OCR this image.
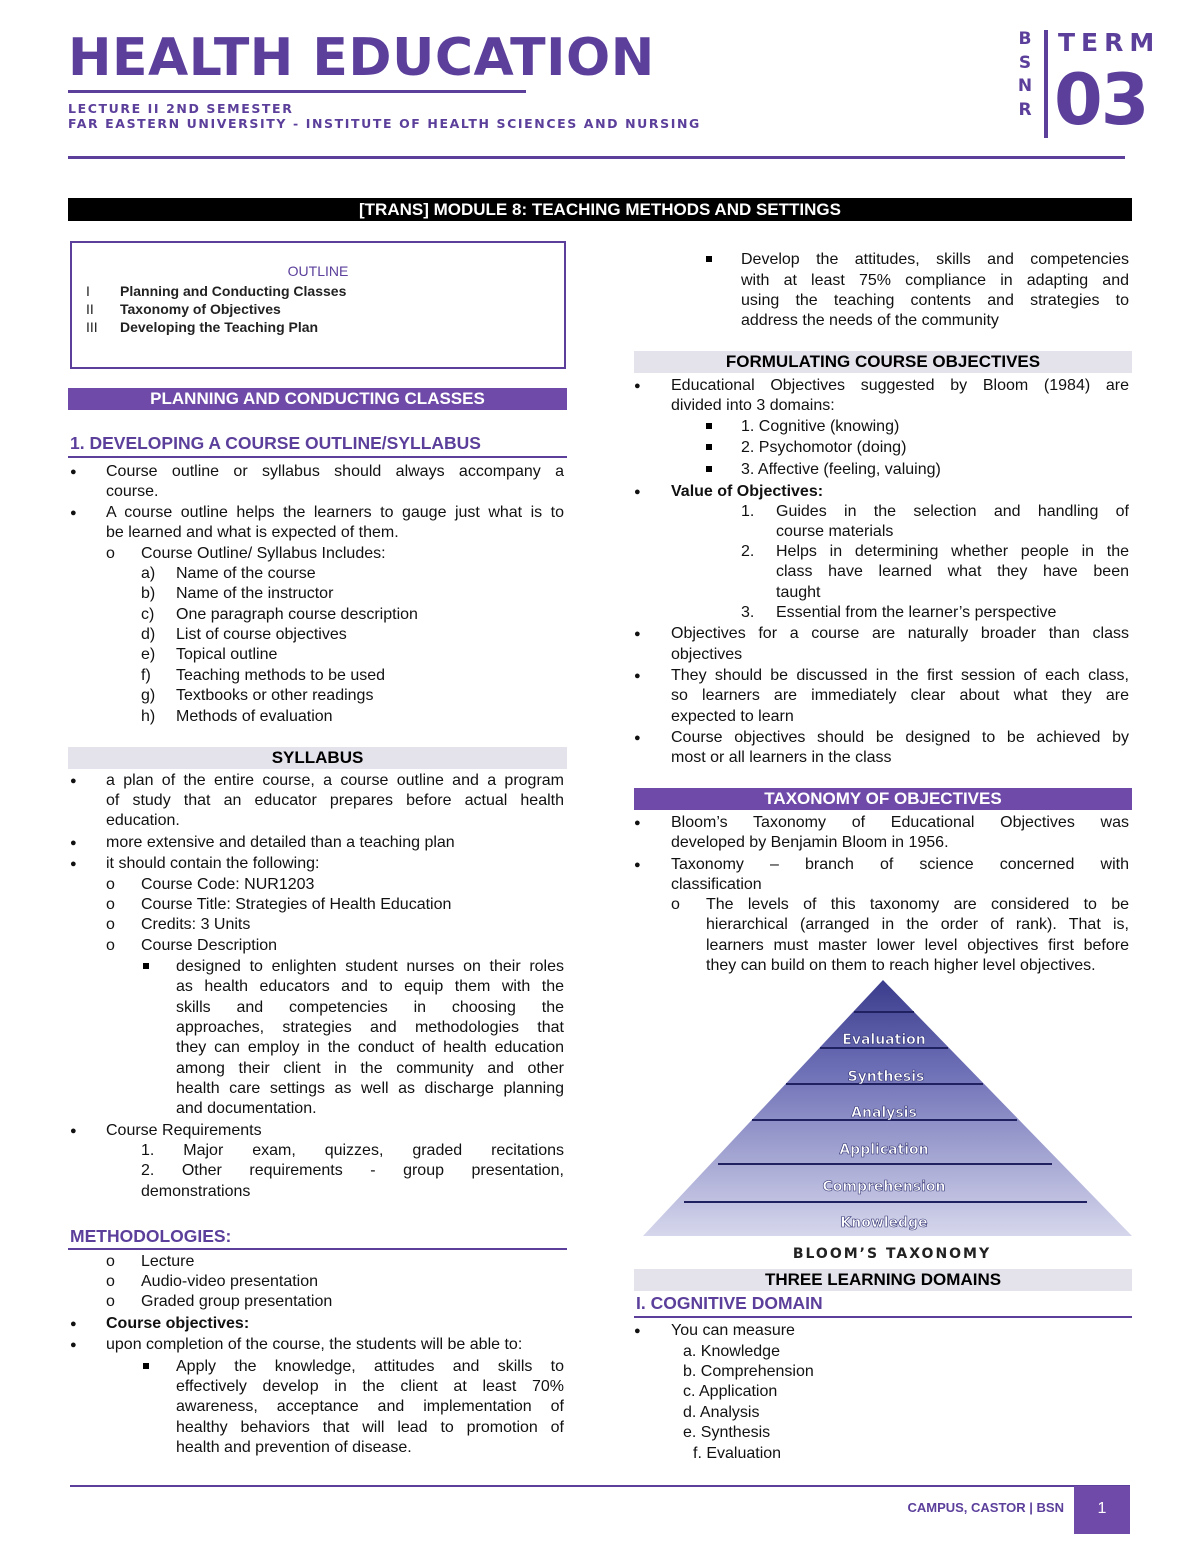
HEALTH EDUCATION
LECTURE II 2ND SEMESTER
FAR EASTERN UNIVERSITY - INSTITUTE OF HEALTH SCIENCES AND NURSING
B
S
N
R
TERM
03
[TRANS] MODULE 8: TEACHING METHODS AND SETTINGS
OUTLINE
I Planning and Conducting Classes
II Taxonomy of Objectives
III Developing the Teaching Plan
PLANNING AND CONDUCTING CLASSES
1. DEVELOPING A COURSE OUTLINE/SYLLABUS
● Course outline or syllabus should always accompany a
course.
● A course outline helps the learners to gauge just what is to
be learned and what is expected of them.
o Course Outline/ Syllabus Includes:
a) Name of the course
b) Name of the instructor
c) One paragraph course description
d) List of course objectives
e) Topical outline
f) Teaching methods to be used
g) Textbooks or other readings
h) Methods of evaluation
SYLLABUS
● a plan of the entire course, a course outline and a program
of study that an educator prepares before actual health
education.
● more extensive and detailed than a teaching plan
● it should contain the following:
o Course Code: NUR1203
o Course Title: Strategies of Health Education
o Credits: 3 Units
o Course Description
designed to enlighten student nurses on their roles
as health educators and to equip them with the
skills and competencies in choosing the
approaches, strategies and methodologies that
they can employ in the conduct of health education
among their client in the community and other
health care settings as well as discharge planning
and documentation.
● Course Requirements
1. Major exam, quizzes, graded recitations
2. Other requirements - group presentation,
demonstrations
METHODOLOGIES:
o Lecture
o Audio-video presentation
o Graded group presentation
● Course objectives:
● upon completion of the course, the students will be able to:
Apply the knowledge, attitudes and skills to
effectively develop in the client at least 70%
awareness, acceptance and implementation of
healthy behaviors that will lead to promotion of
health and prevention of disease.
Develop the attitudes, skills and competencies
with at least 75% compliance in adapting and
using the teaching contents and strategies to
address the needs of the community
FORMULATING COURSE OBJECTIVES
● Educational Objectives suggested by Bloom (1984) are
divided into 3 domains:
1. Cognitive (knowing)
2. Psychomotor (doing)
3. Affective (feeling, valuing)
● Value of Objectives:
1. Guides in the selection and handling of
course materials
2. Helps in determining whether people in the
class have learned what they have been
taught
3. Essential from the learner’s perspective
● Objectives for a course are naturally broader than class
objectives
● They should be discussed in the first session of each class,
so learners are immediately clear about what they are
expected to learn
● Course objectives should be designed to be achieved by
most or all learners in the class
TAXONOMY OF OBJECTIVES
● Bloom’s Taxonomy of Educational Objectives was
developed by Benjamin Bloom in 1956.
● Taxonomy – branch of science concerned with
classification
o The levels of this taxonomy are considered to be
hierarchical (arranged in the order of rank). That is,
learners must master lower level objectives first before
they can build on them to reach higher level objectives.
Evaluation
Synthesis
Analysis
Application
Comprehension
Knowledge
BLOOM’S TAXONOMY
THREE LEARNING DOMAINS
I. COGNITIVE DOMAIN
● You can measure
a. Knowledge
b. Comprehension
c. Application
d. Analysis
e. Synthesis
f. Evaluation
CAMPUS, CASTOR | BSN	1
